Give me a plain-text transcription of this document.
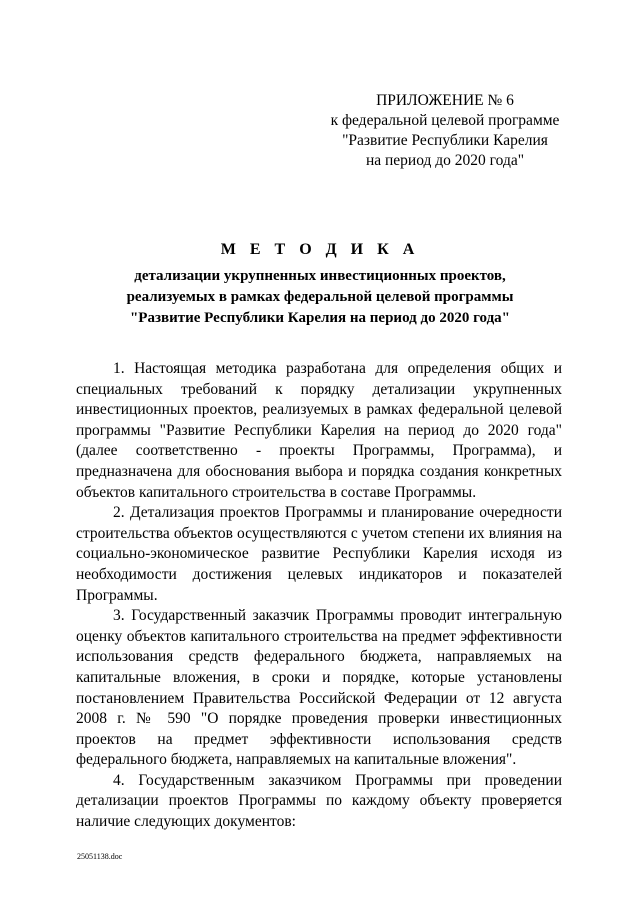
ПРИЛОЖЕНИЕ № 6
к федеральной целевой программе
"Развитие Республики Карелия
на период до 2020 года"
М Е Т О Д И К А
детализации укрупненных инвестиционных проектов,
реализуемых в рамках федеральной целевой программы
"Развитие Республики Карелия на период до 2020 года"

1. Настоящая методика разработана для определения общих и специальных требований к порядку детализации укрупненных инвестиционных проектов, реализуемых в рамках федеральной целевой программы "Развитие Республики Карелия на период до 2020 года" (далее соответственно - проекты Программы, Программа), и предназначена для обоснования выбора и порядка создания конкретных объектов капитального строительства в составе Программы.

2. Детализация проектов Программы и планирование очередности строительства объектов осуществляются с учетом степени их влияния на социально-экономическое развитие Республики Карелия исходя из необходимости достижения целевых индикаторов и показателей Программы.

3. Государственный заказчик Программы проводит интегральную оценку объектов капитального строительства на предмет эффективности использования средств федерального бюджета, направляемых на капитальные вложения, в сроки и порядке, которые установлены постановлением Правительства Российской Федерации от 12 августа 2008 г. № 590 "О порядке проведения проверки инвестиционных проектов на предмет эффективности использования средств федерального бюджета, направляемых на капитальные вложения".

4. Государственным заказчиком Программы при проведении детализации проектов Программы по каждому объекту проверяется наличие следующих документов:

25051138.doc
